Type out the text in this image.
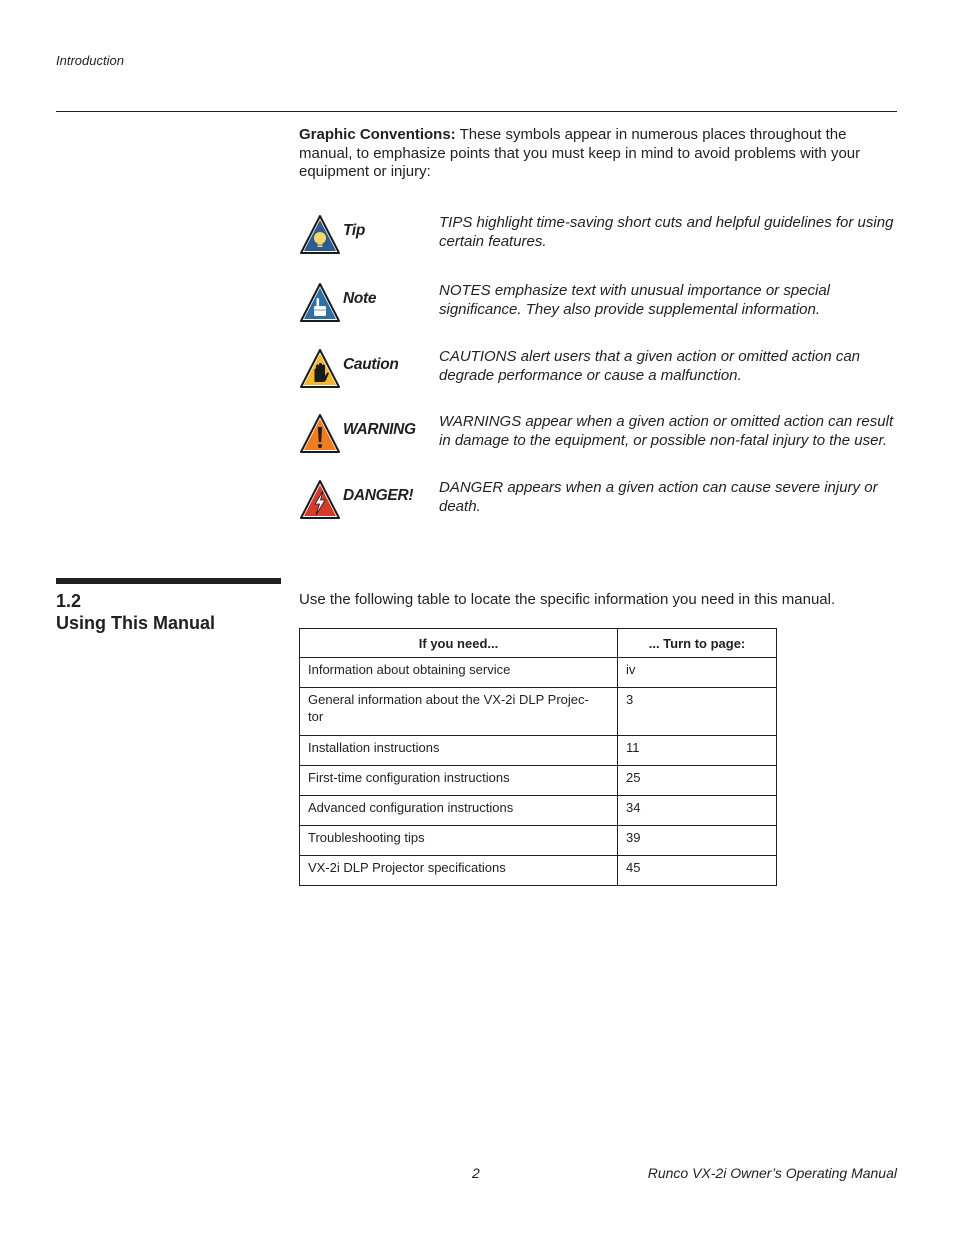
Introduction

Graphic Conventions: These symbols appear in numerous places throughout the manual, to emphasize points that you must keep in mind to avoid problems with your equipment or injury:

Tip	TIPS highlight time-saving short cuts and helpful guidelines for using certain features.

Note	NOTES emphasize text with unusual importance or special significance. They also provide supplemental information.

Caution	CAUTIONS alert users that a given action or omitted action can degrade performance or cause a malfunction.

WARNING WARNINGS appear when a given action or omitted action can result in damage to the equipment, or possible non-fatal injury to the user.

DANGER! DANGER appears when a given action can cause severe injury or death.

1.2
Using This Manual

Use the following table to locate the specific information you need in this manual.

If you need...	... Turn to page:
Information about obtaining service	iv
General information about the VX-2i DLP Projec-
tor	3
Installation instructions	11
First-time configuration instructions	25
Advanced configuration instructions	34
Troubleshooting tips	39
VX-2i DLP Projector specifications	45
2	Runco VX-2i Owner’s Operating Manual
